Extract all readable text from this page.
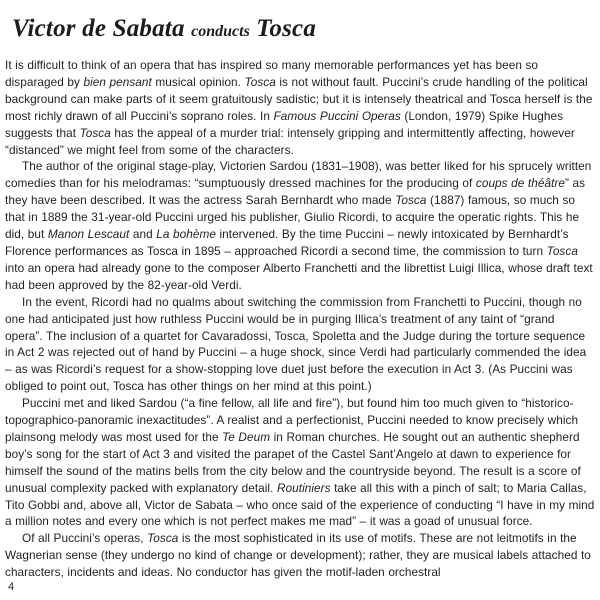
Victor de Sabata conducts Tosca

It is difficult to think of an opera that has inspired so many memorable performances yet has been so disparaged by bien pensant musical opinion. Tosca is not without fault. Puccini’s crude handling of the political background can make parts of it seem gratuitously sadistic; but it is intensely theatrical and Tosca herself is the most richly drawn of all Puccini’s soprano roles. In Famous Puccini Operas (London, 1979) Spike Hughes suggests that Tosca has the appeal of a murder trial: intensely gripping and intermittently affecting, however “distanced” we might feel from some of the characters.

The author of the original stage-play, Victorien Sardou (1831–1908), was better liked for his sprucely written comedies than for his melodramas: “sumptuously dressed machines for the producing of coups de théâtre” as they have been described. It was the actress Sarah Bernhardt who made Tosca (1887) famous, so much so that in 1889 the 31-year-old Puccini urged his publisher, Giulio Ricordi, to acquire the operatic rights. This he did, but Manon Lescaut and La bohème intervened. By the time Puccini – newly intoxicated by Bernhardt’s Florence performances as Tosca in 1895 – approached Ricordi a second time, the commission to turn Tosca into an opera had already gone to the composer Alberto Franchetti and the librettist Luigi Illica, whose draft text had been approved by the 82-year-old Verdi.

In the event, Ricordi had no qualms about switching the commission from Franchetti to Puccini, though no one had anticipated just how ruthless Puccini would be in purging Illica’s treatment of any taint of “grand opera”. The inclusion of a quartet for Cavaradossi, Tosca, Spoletta and the Judge during the torture sequence in Act 2 was rejected out of hand by Puccini – a huge shock, since Verdi had particularly commended the idea – as was Ricordi’s request for a show-stopping love duet just before the execution in Act 3. (As Puccini was obliged to point out, Tosca has other things on her mind at this point.)

Puccini met and liked Sardou (“a fine fellow, all life and fire”), but found him too much given to “historico-topographico-panoramic inexactitudes”. A realist and a perfectionist, Puccini needed to know precisely which plainsong melody was most used for the Te Deum in Roman churches. He sought out an authentic shepherd boy’s song for the start of Act 3 and visited the parapet of the Castel Sant’Angelo at dawn to experience for himself the sound of the matins bells from the city below and the countryside beyond. The result is a score of unusual complexity packed with explanatory detail. Routiniers take all this with a pinch of salt; to Maria Callas, Tito Gobbi and, above all, Victor de Sabata – who once said of the experience of conducting “I have in my mind a million notes and every one which is not perfect makes me mad” – it was a goad of unusual force.

Of all Puccini’s operas, Tosca is the most sophisticated in its use of motifs. These are not leitmotifs in the Wagnerian sense (they undergo no kind of change or development); rather, they are musical labels attached to characters, incidents and ideas. No conductor has given the motif-laden orchestral

4
